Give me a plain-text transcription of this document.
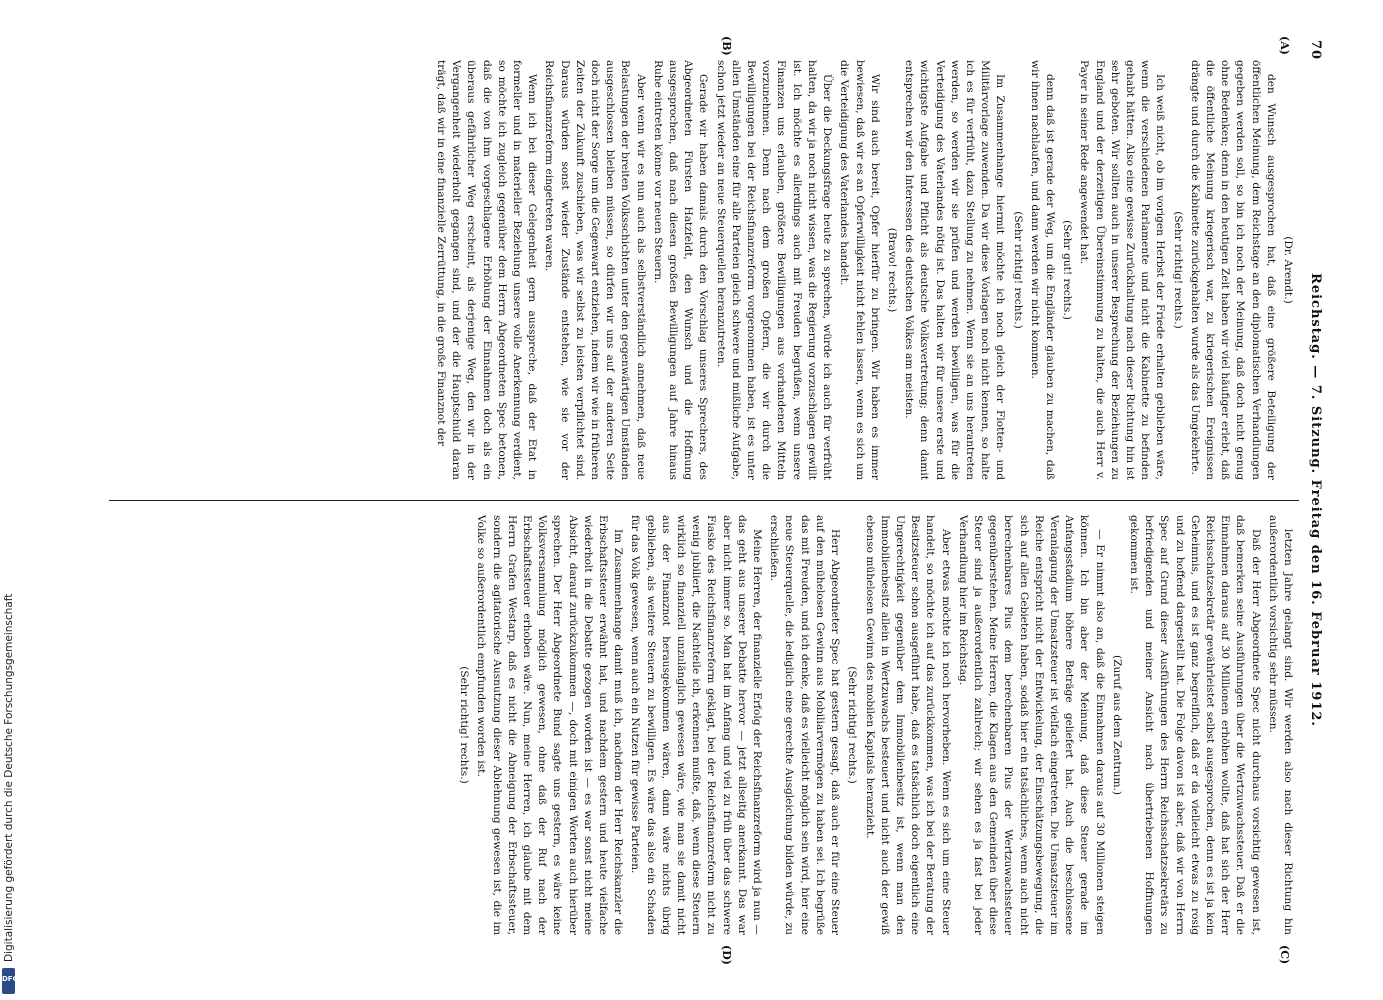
70
Reichstag. — 7. Sitzung. Freitag den 16. Februar 1912.
(A)
(B)
(C)
(D)

(Dr. Arendt.)

den Wunsch ausgesprochen hat, daß eine größere Beteiligung der öffentlichen Meinung, dem Reichstage an den diplomatischen Verhandlungen gegeben werden soll, so bin ich noch der Meinung, daß doch nicht genug ohne Bedenken; denn in den heutigen Zeit haben wir viel häufiger erlebt, daß die öffentliche Meinung kriegerisch war, zu kriegerischen Ereignissen drängte und durch die Kabinette zurückgehalten wurde als das Umgekehrte.

(Sehr richtig! rechts.)

Ich weiß nicht, ob im vorigen Herbst der Friede erhalten geblieben wäre, wenn die verschiedenen Parlamente und nicht die Kabinette zu befinden gehabt hätten. Also eine gewisse Zurückhaltung nach dieser Richtung hin ist sehr geboten. Wir sollten auch in unserer Besprechung der Beziehungen zu England und der derzeitigen Übereinstimmung zu halten, die auch Herr v. Payer in seiner Rede angewendet hat.

(Sehr gut! rechts.)

denn daß ist gerade der Weg, um die Engländer glauben zu machen, daß wir ihnen nachlaufen, und dann werden wir nicht kommen.

(Sehr richtig! rechts.)

Im Zusammenhange hiermit möchte ich noch gleich der Flotten- und Militärvorlage zuwenden. Da wir diese Vorlagen noch nicht kennen, so halte ich es für verfrüht, dazu Stellung zu nehmen. Wenn sie an uns herantreten werden, so werden wir sie prüfen und werden bewilligen, was für die Verteidigung des Vaterlandes nötig ist. Das halten wir für unsere erste und wichtigste Aufgabe und Pflicht als deutsche Volksvertretung; denn damit entsprechen wir den Interessen des deutschen Volkes am meisten.

(Bravo! rechts.)

Wir sind auch bereit, Opfer hierfür zu bringen. Wir haben es immer bewiesen, daß wir es an Opferwilligkeit nicht fehlen lassen, wenn es sich um die Verteidigung des Vaterlandes handelt.

Über die Deckungsfrage heute zu sprechen, würde ich auch für verfrüht halten, da wir ja noch nicht wissen, was die Regierung vorzuschlagen gewillt ist. Ich möchte es allerdings auch mit Freuden begrüßen, wenn unsere Finanzen uns erlauben, größere Bewilligungen aus vorhandenen Mitteln vorzunehmen. Denn nach dem großen Opfern, die wir durch die Bewilligungen bei der Reichsfinanzreform vorgenommen haben, ist es unter allen Umständen eine für alle Parteien gleich schwere und mißliche Aufgabe, schon jetzt wieder an neue Steuerquellen heranzutreten.

Gerade wir haben damals durch den Vorschlag unseres Sprechers, des Abgeordneten Fürsten Hatzfeldt, den Wunsch und die Hoffnung ausgesprochen, daß nach diesen großen Bewilligungen auf Jahre hinaus Ruhe eintreten könne vor neuen Steuern.

Aber wenn wir es nun auch als selbstverständlich annehmen, daß neue Belastungen der breiten Volksschichten unter den gegenwärtigen Umständen ausgeschlossen bleiben müssen, so dürfen wir uns auf der anderen Seite doch nicht der Sorge um die Gegenwart entziehen, indem wir wie in früheren Zeiten der Zukunft zuschieben, was wir selbst zu leisten verpflichtet sind. Daraus würden sonst wieder Zustände entstehen, wie sie vor der Reichsfinanzreform eingetreten waren.

Wenn ich bei dieser Gelegenheit gern ausspreche, daß der Etat in formeller und in materieller Beziehung unsere volle Anerkennung verdient, so möchte ich zugleich gegenüber dem Herrn Abgeordneten Spec betonen, daß die von ihm vorgeschlagene Erhöhung der Einnahmen doch als ein überaus gefährlicher Weg erscheint, als derjenige Weg, den wir in der Vergangenheit wiederholt gegangen sind, und der die Hauptschuld daran trägt, daß wir in eine finanzielle Zerrüttung, in die große Finanznot der

letzten Jahre gelangt sind. Wir werden also nach dieser Richtung hin außerordentlich vorsichtig sehr müssen.

Daß der Herr Abgeordnete Spec nicht durchaus vorsichtig gewesen ist, daß bemerken seine Ausführungen über die Wertzuwachssteuer. Daß er die Einnahmen daraus auf 30 Millionen erhöhen wollte, daß hat sich der Herr Reichsschatzsekretär gewährleistet selbst ausgesprochen, denn es ist ja kein Geheimnis, und es ist ganz begreiflich, daß er da vielleicht etwas zu rosig und zu hoffend dargestellt hat. Die Folge davon ist aber, daß wir von Herrn Spec auf Grund dieser Ausführungen des Herrn Reichsschatzsekretärs zu befriedigenden und meiner Ansicht nach übertriebenen Hoffnungen gekommen ist.

(Zuruf aus dem Zentrum.)

— Er nimmt also an, daß die Einnahmen daraus auf 30 Millionen steigen können. Ich bin aber der Meinung, daß diese Steuer gerade im Anfangsstadium höhere Beträge geliefert hat. Auch die beschlossene Veranlagung der Umsatzsteuer ist vielfach eingetreten. Die Umsatzsteuer im Reiche entspricht nicht der Entwickelung, der Einschätzungsbewegung, die sich auf allen Gebieten haben, sodaß hier ein tatsächliches, wenn auch nicht berechenbares Plus dem berechenbaren Plus der Wertzuwachssteuer gegenüberstehen. Meine Herren, die Klagen aus den Gemeinden über diese Steuer sind ja außerordentlich zahlreich; wir sehen es ja fast bei jeder Verhandlung hier im Reichstag.

Aber etwas möchte ich noch hervorheben. Wenn es sich um eine Steuer handelt, so möchte ich auf das zurückkommen, was ich bei der Beratung der Besitzsteuer schon ausgeführt habe, daß es tatsächlich doch eigentlich eine Ungerechtigkeit gegenüber dem Immobilienbesitz ist, wenn man den Immobilienbesitz allein in Wertzuwachs besteuert und nicht auch der gewiß ebenso mühelosen Gewinn des mobilen Kapitals heranzieht.

(Sehr richtig! rechts.)

Herr Abgeordneter Spec hat gestern gesagt, daß auch er für eine Steuer auf den mühelosen Gewinn aus Mobiliarvermögen zu haben sei. Ich begrüße das mit Freuden, und ich denke, daß es vielleicht möglich sein wird, hier eine neue Steuerquelle, die lediglich eine gerechte Ausgleichung bilden würde, zu erschließen.

Meine Herren, der finanzielle Erfolg der Reichsfinanzreform wird ja nun — das geht aus unserer Debatte hervor — jetzt allseitig anerkannt. Das war aber nicht immer so. Man hat im Anfang und viel zu früh über das schwere Fiasko des Reichsfinanzreform geklagt, bei der Reichsfinanzreform nicht zu wenig jubiliert, die Nachteile ich, erkennen mußte, daß, wenn diese Steuern wirklich so finanziell unzulänglich gewesen wäre, wie man sie damit nicht aus der Finanznot herausgekommen wären, dann wäre nichts übrig geblieben, als weitere Steuern zu bewilligen. Es wäre das also ein Schaden für das Volk gewesen, wenn auch ein Nutzen für gewisse Parteien.

Im Zusammenhange damit muß ich, nachdem der Herr Reichskanzler die Erbschaftssteuer erwähnt hat, und nachdem gestern und heute vielfache wiederholt in die Debatte gezogen worden ist — es war sonst nicht meine Absicht, darauf zurückzukommen —, doch mit einigen Worten auch hierüber sprechen. Der Herr Abgeordnete Bund sagte uns gestern, es wäre keine Volksversammlung möglich gewesen, ohne daß der Ruf nach der Erbschaftssteuer erhoben wäre. Nun, meine Herren, ich glaube mit dem Herrn Grafen Westarp, daß es nicht die Abneigung der Erbschaftssteuer, sondern die agitatorische Ausnutzung dieser Ablehnung gewesen ist, die im Volke so außerordentlich empfunden worden ist.

(Sehr richtig! rechts.)

Digitalisierung gefördert durch die Deutsche Forschungsgemeinschaft
DFG
